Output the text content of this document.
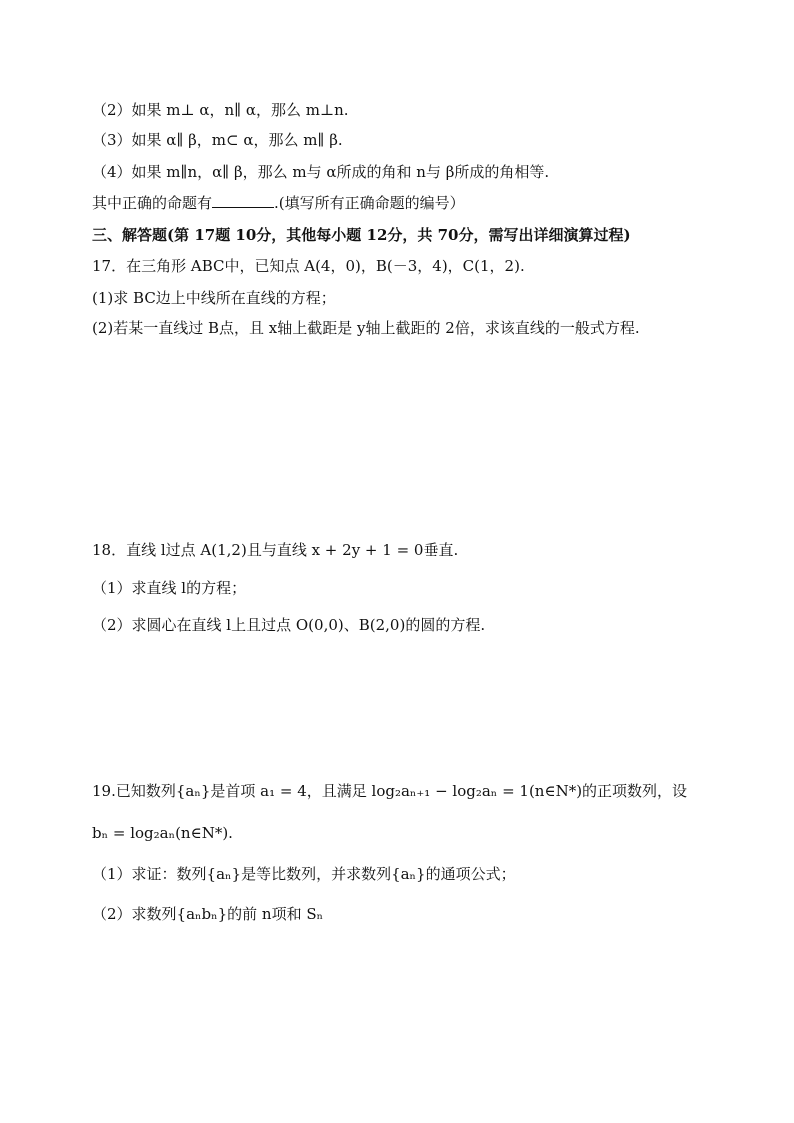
（2）如果 m⊥ α，n∥ α，那么 m⊥n.
（3）如果 α∥ β，m⊂ α，那么 m∥ β.
（4）如果 m∥n，α∥ β，那么 m与 α所成的角和 n与 β所成的角相等.
其中正确的命题有	.(填写所有正确命题的编号）
三、解答题(第 17题 10分，其他每小题 12分，共 70分，需写出详细演算过程)
17．在三角形 ABC中，已知点 A(4，0)，B(－3，4)，C(1，2).
(1)求 BC边上中线所在直线的方程；
(2)若某一直线过 B点，且 x轴上截距是 y轴上截距的 2倍，求该直线的一般式方程.
18．直线 l过点 A(1,2)且与直线 x + 2y + 1 = 0垂直.
（1）求直线 l的方程；
（2）求圆心在直线 l上且过点 O(0,0)、B(2,0)的圆的方程.
19.已知数列{aₙ}是首项 a₁ = 4，且满足 log₂aₙ₊₁ − log₂aₙ = 1(n∈N*)的正项数列，设
bₙ = log₂aₙ(n∈N*).
（1）求证：数列{aₙ}是等比数列，并求数列{aₙ}的通项公式；
（2）求数列{aₙbₙ}的前 n项和 Sₙ
